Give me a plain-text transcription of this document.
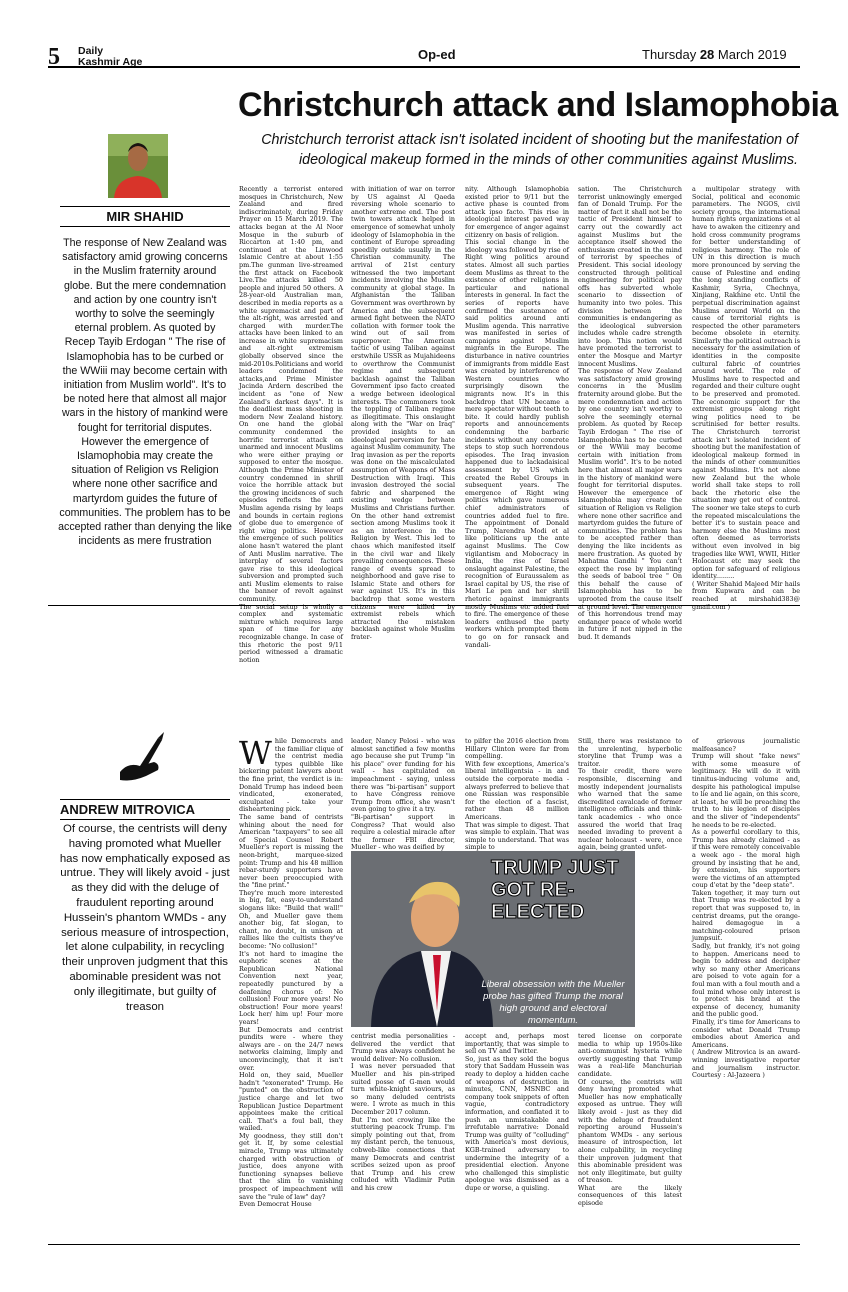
5 Daily
Kashmir Age	Op-ed	Thursday 28 March 2019
Christchurch attack and Islamophobia
Christchurch terrorist attack isn't isolated incident of shooting but the manifestation of ideological makeup formed in the minds of other communities against Muslims.
MIR SHAHID
The response of New Zealand was satisfactory amid growing concerns in the Muslim fraternity around globe. But the mere condemnation and action by one country isn't worthy to solve the seemingly eternal problem. As quoted by Recep Tayib Erdogan " The rise of Islamophobia has to be curbed or the WWiii may become certain with initiation from Muslim world". It's to be noted here that almost all major wars in the history of mankind were fought for territorial disputes. However the emergence of Islamophobia may create the situation of Religion vs Religion where none other sacrifice and martyrdom guides the future of communities. The problem has to be accepted rather than denying the like incidents as mere frustration
Recently a terrorist entered mosques in Christchurch, New Zealand and fired indiscriminately, during Friday Prayer on 15 March 2019. The attacks began at the Al Noor Mosque in the suburb of Riccarton at 1:40 pm, and continued at the Linwood Islamic Centre at about 1:55 pm.The gunman live-streamed the first attack on Facebook Live.The attacks killed 50 people and injured 50 others. A 28-year-old Australian man, described in media reports as a white supremacist and part of the alt-right, was arrested and charged with murder.The attacks have been linked to an increase in white supremacism and alt-right extremism globally observed since the mid-2010s.Politicians and world leaders condemned the attacks,and Prime Minister Jacinda Ardern described the incident as "one of New Zealand's darkest days". It is the deadliest mass shooting in modern New Zealand history. On one hand the global community condemned the horrific terrorist attack on unarmed and innocent Muslims who were either praying or supposed to enter the mosque. Although the Prime Minister of country condemned in shrill voice the horrible attack but the growing incidences of such episodes reflects the anti Muslim agenda rising by leaps and bounds in certain regions of globe due to emergence of right wing politics. However the emergence of such politics alone hasn't watered the plant of Anti Muslim narrative. The interplay of several factors gave rise to this ideological subversion and prompted such anti Muslim elements to raise the banner of revolt against community.
The social setup is wholly a complex and systematic mixture which requires large span of time for any recognizable change. In case of this rhetoric the post 9/11 period witnessed a dramatic notion
with initiation of war on terror by US against Al Qaeda reversing whole scenario to another extreme end. The post twin towers attack helped in emergence of somewhat unholy ideology of Islamophobia in the continent of Europe spreading speedily outside usually in the Christian community. The arrival of 21st century witnessed the two important incidents involving the Muslim community at global stage. In Afghanistan the Taliban Government was overthrown by America and the subsequent armed fight between the NATO collation with former took the wind out of sail from superpower. The American tactic of using Taliban against erstwhile USSR as Mujahideens to overthrow the Communist regime and subsequent backlash against the Taliban Government ipso facto created a wedge between ideological interests. The commoners took the toppling of Taliban regime as illegitimate. This onslaught along with the "War on Iraq" provided insights to an ideological perversion for hate against Muslim community. The Iraq invasion as per the reports was done on the miscalculated assumption of Weapons of Mass Destruction with Iraqi. This invasion destroyed the social fabric and sharpened the existing wedge between Muslims and Christians further. On the other hand extremist section among Muslims took it as an interference in the Religion by West. This led to chaos which manifested itself in the civil war and likely prevailing consequences. These range of events spread to neighborhood and gave rise to Islamic State and others for war against US. It's in this backdrop that some western citizens were killed by extremist rebels which attracted the mistaken backlash against whole Muslim frater-
nity. Although Islamophobia existed prior to 9/11 but the active phase is counted from attack ipso facto. This rise in ideological interest paved way for emergence of anger against citizenry on basis of religion.
This social change in the ideology was followed by rise of Right wing politics around states. Almost all such parties deem Muslims as threat to the existence of other religions in particular and national interests in general. In fact the series of reports have confirmed the sustenance of said politics around anti Muslim agenda. This narrative was manifested in series of campaigns against Muslim migrants in the Europe. The disturbance in native countries of immigrants from middle East was created by interference of Western countries who surprisingly disown the migrants now. It's in this backdrop that UN became a mere spectator without teeth to bite. It could hardly publish reports and announcements condemning the barbaric incidents without any concrete steps to stop such horrendous episodes. The Iraq invasion happened due to lackadaisical assessment by US which created the Rebel Groups in subsequent years. The emergence of Right wing politics which gave numerous chief administrators of countries added fuel to fire. The appointment of Donald Trump, Narendra Modi et al like politicians up the ante against Muslims. The Cow vigilantism and Mobocracy in India, the rise of Israel onslaught against Palestine, the recognition of Euraussalem as Israel capital by US, the rise of Mari Le pen and her shrill rhetoric against immigrants mostly Muslims etc added fuel to fire. The emergence of these leaders enthused the party workers which prompted them to go on for ransack and vandali-
sation. The Christchurch terrorist unknowingly emerged fan of Donald Trump. For the matter of fact it shall not be the tactic of President himself to carry out the cowardly act against Muslims but the acceptance itself showed the enthusiasm created in the mind of terrorist by speeches of President. This social ideology constructed through political engineering for political pay offs has subverted whole scenario to dissection of humanity into two poles. This division between the communities is endangering as the ideological subversion includes whole cadre strength into loop. This notion would have promoted the terrorist to enter the Mosque and Martyr innocent Muslims.
The response of New Zealand was satisfactory amid growing concerns in the Muslim fraternity around globe. But the mere condemnation and action by one country isn't worthy to solve the seemingly eternal problem. As quoted by Recep Tayib Erdogan " The rise of Islamophobia has to be curbed or the WWiii may become certain with initiation from Muslim world". It's to be noted here that almost all major wars in the history of mankind were fought for territorial disputes. However the emergence of Islamophobia may create the situation of Religion vs Religion where none other sacrifice and martyrdom guides the future of communities. The problem has to be accepted rather than denying the like incidents as mere frustration. As quoted by Mahatma Gandhi " You can't expect the rose by implanting the seeds of babool tree " On this behalf the cause of Islamophobia has to be uprooted from the cause itself at ground level. The emergence of this horrendous trend may endanger peace of whole world in future if not nipped in the bud. It demands
a multipolar strategy with Social, political and economic parameters. The NGOS, civil society groups, the international human rights organizations et al have to awaken the citizenry and hold cross community programs for better understanding of religious harmony. The role of UN in this direction is much more pronounced by serving the cause of Palestine and ending the long standing conflicts of Kashmir, Syria, Chechnya, Xinjiang, Rakhine etc. Until the perpetual discrimination against Muslims around World on the cause of territorial rights is respected the other parameters become obsolete in eternity. Similarly the political outreach is necessary for the assimilation of identities in the composite cultural fabric of countries around world. The role of Muslims have to respected and regarded and their culture ought to be preserved and promoted. The economic support for the extremist groups along right wing politics need to be scrutinised for better results. The Christchurch terrorist attack isn't isolated incident of shooting but the manifestation of ideological makeup formed in the minds of other communities against Muslims. It's not alone new Zealand but the whole world shall take steps to roll back the rhetoric else the situation may get out of control. The sooner we take steps to curb the repeated miscalculations the better it's to sustain peace and harmony else the Muslims most often deemed as terrorists without even involved in big tragedies like WWI, WWII, Hitler Holocaust etc may seek the option for safeguard of religious identity.........
( Writer Shahid Majeed Mir hails from Kupwara and can be reached at mirshahid383@ gmail.com )
ANDREW MITROVICA
Of course, the centrists will deny having promoted what Mueller has now emphatically exposed as untrue. They will likely avoid - just as they did with the deluge of fraudulent reporting around Hussein's phantom WMDs - any serious measure of introspection, let alone culpability, in recycling their unproven judgment that this abominable president was not only illegitimate, but guilty of treason
W hile Democrats and the familiar clique of the centrist media types quibble like bickering patent lawyers about the fine print, the verdict is in: Donald Trump has indeed been vindicated, exonerated, exculpated - take your disheartening pick.
The same band of centrists whining about the need for American "taxpayers" to see all of Special Counsel Robert Mueller's report is missing the neon-bright, marquee-sized point: Trump and his 48 million rebar-sturdy supporters have never been preoccupied with the "fine print."
They're much more interested in big, fat, easy-to-understand slogans like: "Build that wall!" Oh, and Mueller gave them another big, fat slogan, to chant, no doubt, in unison at rallies like the cultists they've become: "No collusion!"
It's not hard to imagine the euphoric scenes at the Republican National Convention next year, repeatedly punctured by a deafening chorus of: No collusion! Four more years! No obstruction! Four more years! Lock her/ him up! Four more years!
But Democrats and centrist pundits were - where they always are - on the 24/7 news networks claiming, limply and unconvincingly, that it isn't over.
Hold on, they said, Mueller hadn't "exonerated" Trump. He "punted" on the obstruction of justice charge and let two Republican Justice Department appointees make the critical call. That's a foul ball, they wailed.
My goodness, they still don't get it. If, by some celestial miracle, Trump was ultimately charged with obstruction of justice, does anyone with functioning synapses believe that the slim to vanishing prospect of impeachment will save the "rule of law" day?
Even Democrat House
leader, Nancy Pelosi - who was almost sanctified a few months ago because she put Trump "in his place" over funding for his wall - has capitulated on impeachment - saying, unless there was "bi-partisan" support to have Congress remove Trump from office, she wasn't even going to give it a try.
"Bi-partisan" support in Congress? That would also require a celestial miracle after the former FBI director, Mueller - who was deified by
to pilfer the 2016 election from Hillary Clinton were far from compelling.
With few exceptions, America's liberal intelligentsia - in and outside the corporate media - always preferred to believe that one Russian was responsible for the election of a fascist, rather than 48 million Americans.
That was simple to digest. That was simple to explain. That was simple to understand. That was simple to
Still, there was resistance to the unrelenting, hyperbolic storyline that Trump was a traitor.
To their credit, there were responsible, discerning and mostly independent journalists who warned that the same discredited cavalcade of former intelligence officials and think-tank academics - who once assured the world that Iraq needed invading to prevent a nuclear holocaust - were, once again, being granted unfet-
TRUMP JUST GOT RE-ELECTED
Liberal obsession with the Mueller probe has gifted Trump the moral high ground and electoral momentum.
centrist media personalities - delivered the verdict that Trump was always confident he would deliver: No collusion.
I was never persuaded that Mueller and his pin-striped suited posse of G-men would turn white-knight saviours, as so many deluded centrists were. I wrote as much in this December 2017 column.
But I'm not crowing like the stuttering peacock Trump. I'm simply pointing out that, from my distant perch, the tenuous, cobweb-like connections that many Democrats and centrist scribes seized upon as proof that Trump and his crew colluded with Vladimir Putin and his crew
accept and, perhaps most importantly, that was simple to sell on TV and Twitter.
So, just as they sold the bogus story that Saddam Hussein was ready to deploy a hidden cache of weapons of destruction in minutes, CNN, MSNBC and company took snippets of often vague, contradictory information, and conflated it to push an unmistakable and irrefutable narrative: Donald Trump was guilty of "colluding" with America's most devious, KGB-trained adversary to undermine the integrity of a presidential election. Anyone who challenged this simplistic apologue was dismissed as a dupe or worse, a quisling.
tered license on corporate media to whip up 1950s-like anti-communist hysteria while overtly suggesting that Trump was a real-life Manchurian candidate.
Of course, the centrists will deny having promoted what Mueller has now emphatically exposed as untrue. They will likely avoid - just as they did with the deluge of fraudulent reporting around Hussein's phantom WMDs - any serious measure of introspection, let alone culpability, in recycling their unproven judgment that this abominable president was not only illegitimate, but guilty of treason.
What are the likely consequences of this latest episode
of grievous journalistic malfeasance?
Trump will shout "fake news" with some measure of legitimacy. He will do it with tinnitus-inducing volume and, despite his pathological impulse to lie and lie again, on this score, at least, he will be preaching the truth to his legion of disciples and the sliver of "independents" he needs to be re-elected.
As a powerful corollary to this, Trump has already claimed - as if this were remotely conceivable a week ago - the moral high ground by insisting that he and, by extension, his supporters were the victims of an attempted coup d'etat by the "deep state".
Taken together, it may turn out that Trump was re-elected by a report that was supposed to, in centrist dreams, put the orange-haired demagogue in a matching-coloured prison jumpsuit.
Sadly, but frankly, it's not going to happen. Americans need to begin to address and decipher why so many other Americans are poised to vote again for a foul man with a foul mouth and a foul mind whose only interest is to protect his brand at the expense of decency, humanity and the public good.
Finally, it's time for Americans to consider what Donald Trump embodies about America and Americans.
( Andrew Mitrovica is an award-winning investigative reporter and journalism instructor. Courtesy : Al-Jazeera )
